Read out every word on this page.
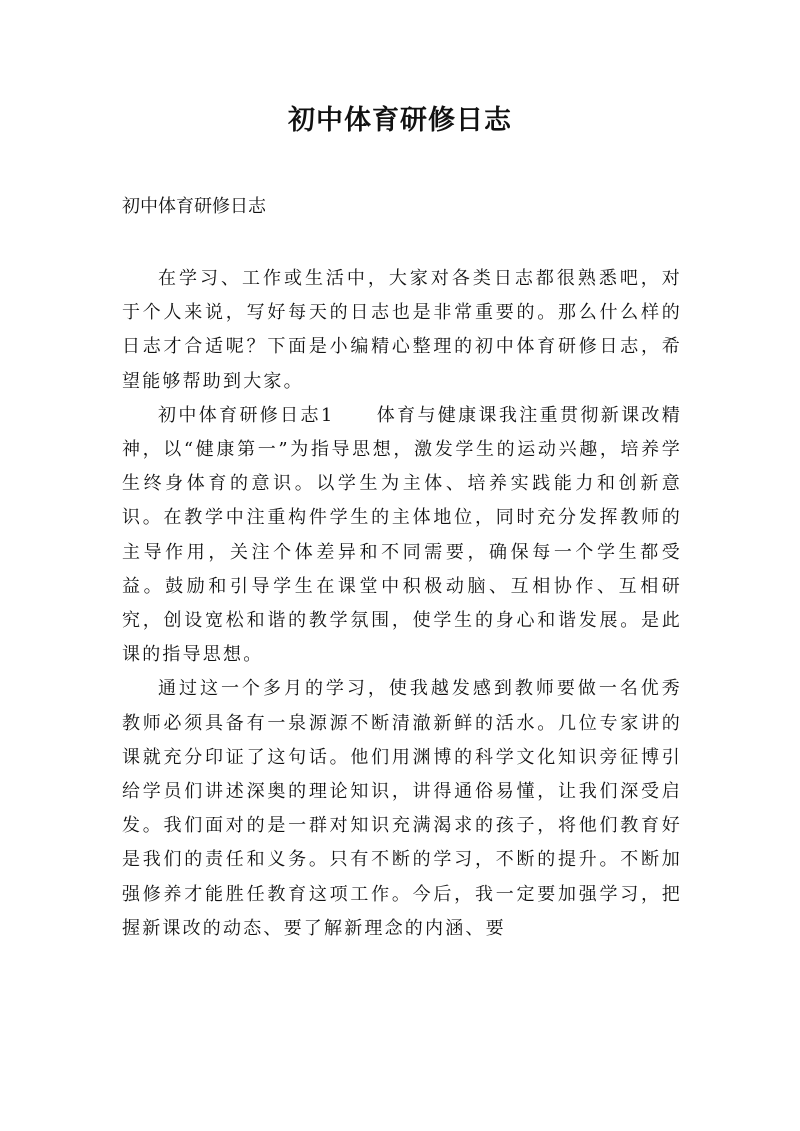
初中体育研修日志
初中体育研修日志

在学习、工作或生活中，大家对各类日志都很熟悉吧，对于个人来说，写好每天的日志也是非常重要的。那么什么样的日志才合适呢？下面是小编精心整理的初中体育研修日志，希望能够帮助到大家。

初中体育研修日志1 体育与健康课我注重贯彻新课改精神，以“健康第一”为指导思想，激发学生的运动兴趣，培养学生终身体育的意识。以学生为主体、培养实践能力和创新意识。在教学中注重构件学生的主体地位，同时充分发挥教师的主导作用，关注个体差异和不同需要，确保每一个学生都受益。鼓励和引导学生在课堂中积极动脑、互相协作、互相研究，创设宽松和谐的教学氛围，使学生的身心和谐发展。是此课的指导思想。

通过这一个多月的学习，使我越发感到教师要做一名优秀教师必须具备有一泉源源不断清澈新鲜的活水。几位专家讲的课就充分印证了这句话。他们用渊博的科学文化知识旁征博引给学员们讲述深奥的理论知识，讲得通俗易懂，让我们深受启发。我们面对的是一群对知识充满渴求的孩子，将他们教育好是我们的责任和义务。只有不断的学习，不断的提升。不断加强修养才能胜任教育这项工作。今后，我一定要加强学习，把握新课改的动态、要了解新理念的内涵、要
